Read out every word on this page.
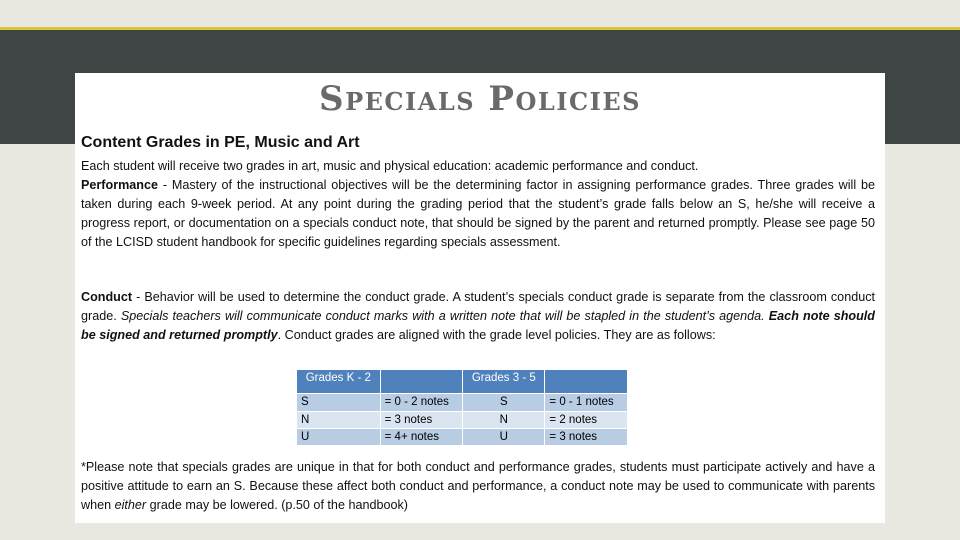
Specials Policies
Content Grades in PE, Music and Art
Each student will receive two grades in art, music and physical education: academic performance and conduct.
Performance - Mastery of the instructional objectives will be the determining factor in assigning performance grades. Three grades will be taken during each 9-week period. At any point during the grading period that the student’s grade falls below an S, he/she will receive a progress report, or documentation on a specials conduct note, that should be signed by the parent and returned promptly. Please see page 50 of the LCISD student handbook for specific guidelines regarding specials assessment.
Conduct - Behavior will be used to determine the conduct grade. A student’s specials conduct grade is separate from the classroom conduct grade. Specials teachers will communicate conduct marks with a written note that will be stapled in the student’s agenda. Each note should be signed and returned promptly. Conduct grades are aligned with the grade level policies. They are as follows:
Grades K - 2		Grades 3 - 5	
S	= 0 - 2 notes	S	= 0 - 1 notes
N	= 3 notes	N	= 2 notes
U	= 4+ notes	U	= 3 notes
*Please note that specials grades are unique in that for both conduct and performance grades, students must participate actively and have a positive attitude to earn an S. Because these affect both conduct and performance, a conduct note may be used to communicate with parents when either grade may be lowered. (p.50 of the handbook)
